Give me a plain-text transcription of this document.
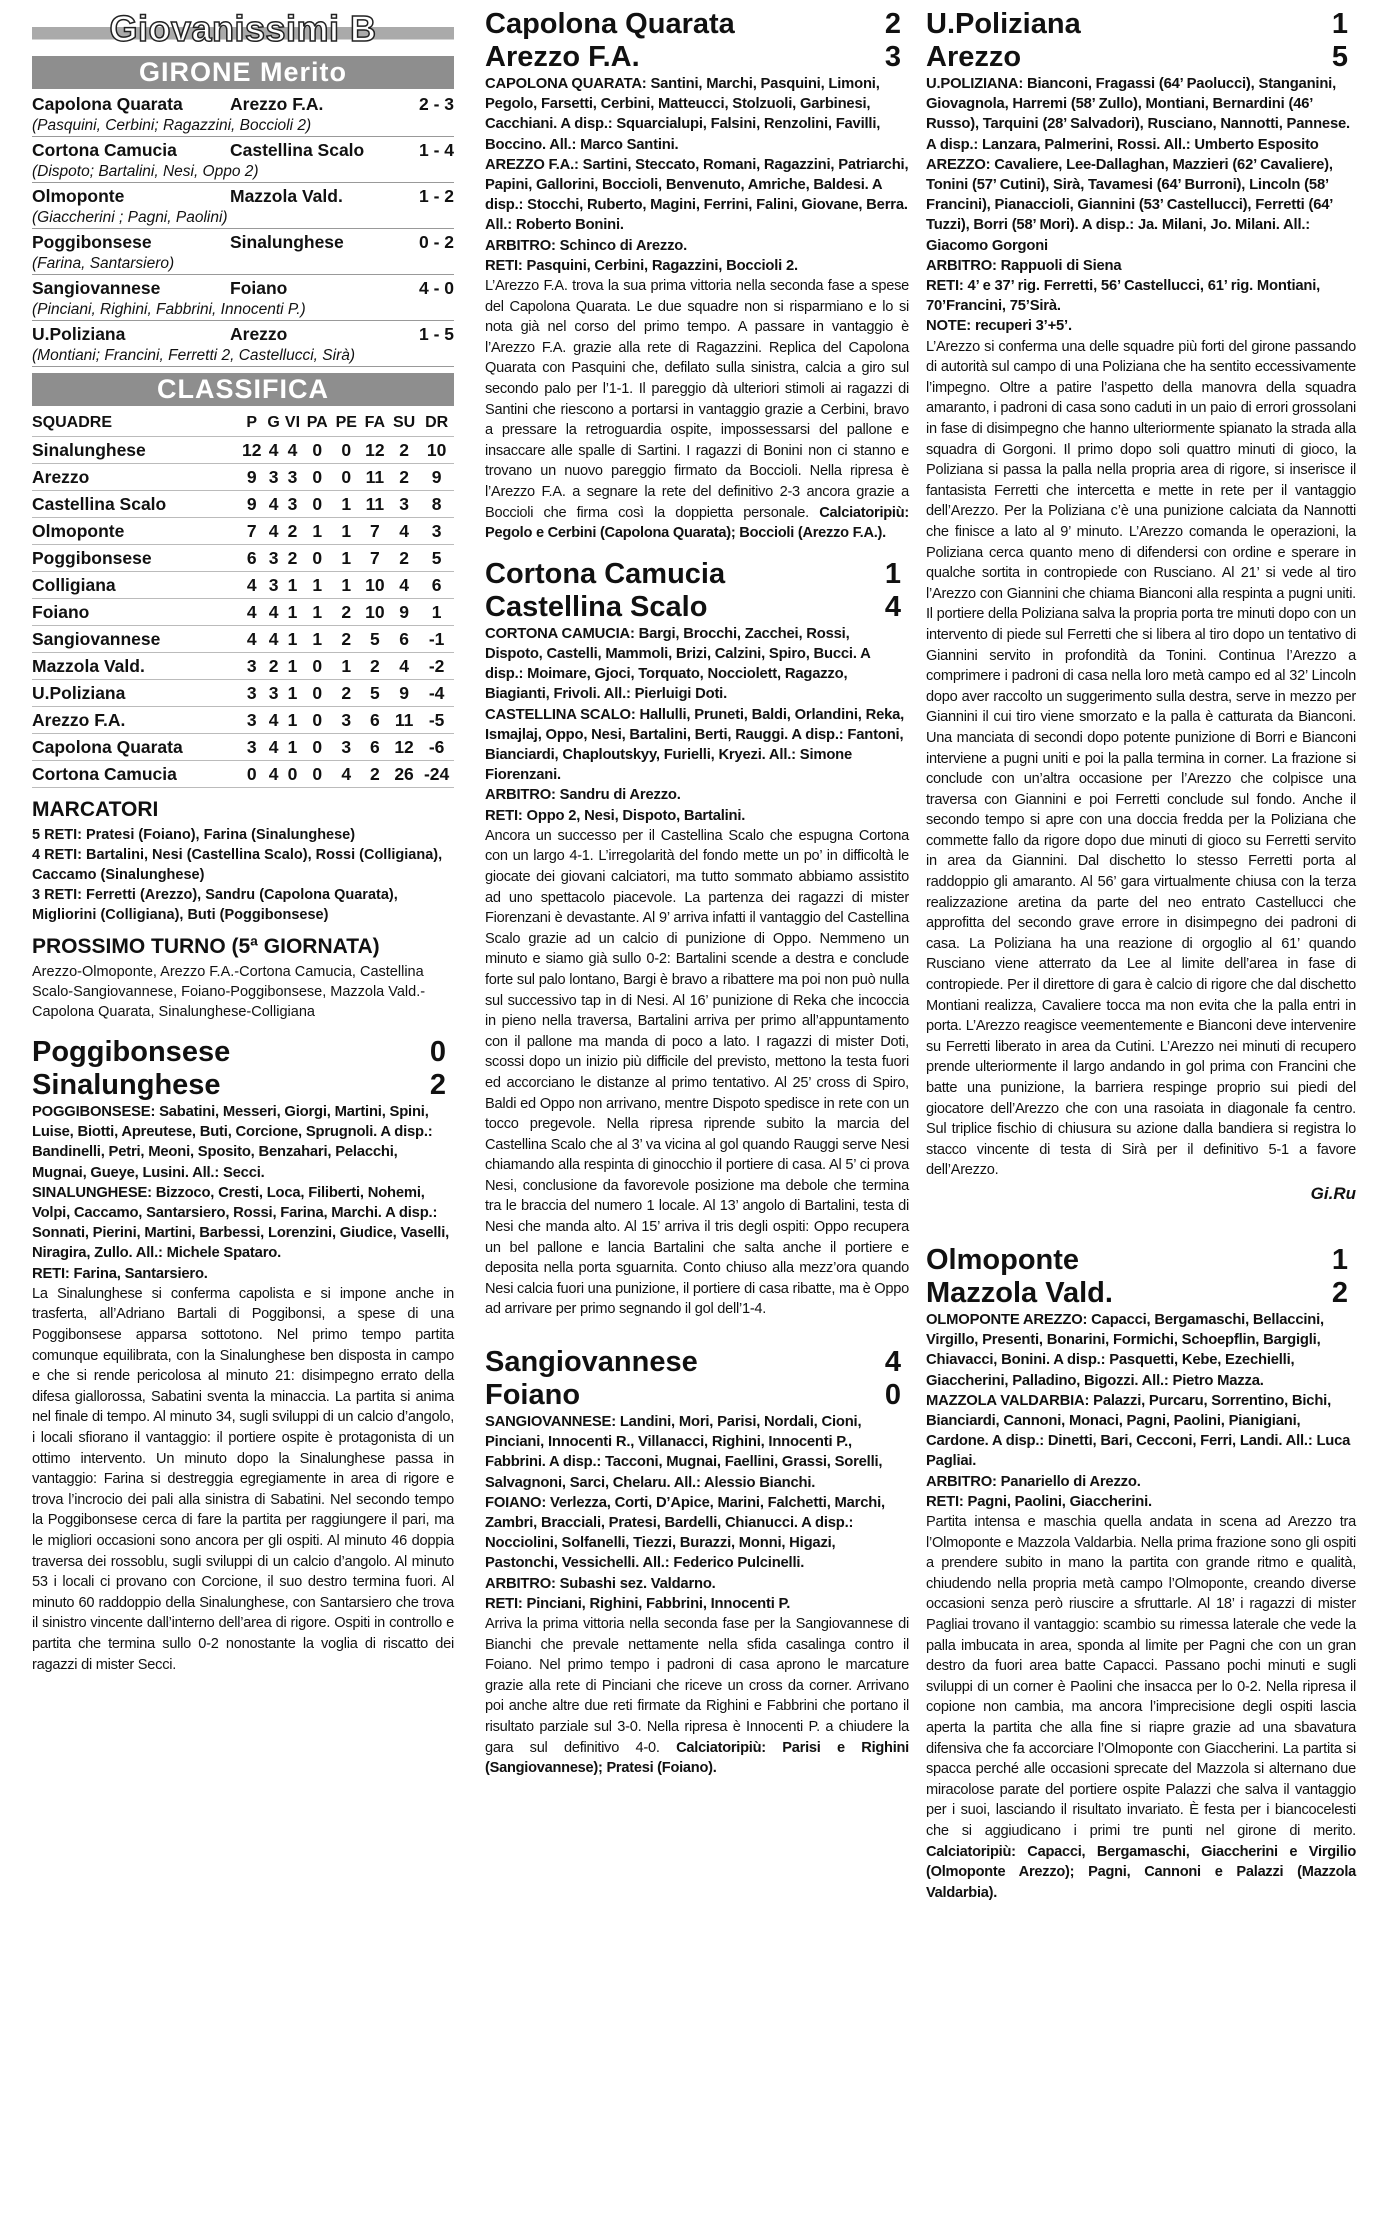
Giovanissimi B
GIRONE Merito
Capolona Quarata	Arezzo F.A.	2 - 3
(Pasquini, Cerbini; Ragazzini, Boccioli 2)
Cortona Camucia	Castellina Scalo	1 - 4
(Dispoto; Bartalini, Nesi, Oppo 2)
Olmoponte	Mazzola Vald.	1 - 2
(Giaccherini ; Pagni, Paolini)
Poggibonsese	Sinalunghese	0 - 2
(Farina, Santarsiero)
Sangiovannese	Foiano	4 - 0
(Pinciani, Righini, Fabbrini, Innocenti P.)
U.Poliziana	Arezzo	1 - 5
(Montiani; Francini, Ferretti 2, Castellucci, Sirà)
CLASSIFICA
SQUADRE	P	G	VI	PA	PE	FA	SU	DR
Sinalunghese	12	4	4	0	0	12	2	10
Arezzo	9	3	3	0	0	11	2	9
Castellina Scalo	9	4	3	0	1	11	3	8
Olmoponte	7	4	2	1	1	7	4	3
Poggibonsese	6	3	2	0	1	7	2	5
Colligiana	4	3	1	1	1	10	4	6
Foiano	4	4	1	1	2	10	9	1
Sangiovannese	4	4	1	1	2	5	6	-1
Mazzola Vald.	3	2	1	0	1	2	4	-2
U.Poliziana	3	3	1	0	2	5	9	-4
Arezzo F.A.	3	4	1	0	3	6	11	-5
Capolona Quarata	3	4	1	0	3	6	12	-6
Cortona Camucia	0	4	0	0	4	2	26	-24
MARCATORI
5 RETI: Pratesi (Foiano), Farina (Sinalunghese)
4 RETI: Bartalini, Nesi (Castellina Scalo), Rossi (Colligiana), Caccamo (Sinalunghese)
3 RETI: Ferretti (Arezzo), Sandru (Capolona Quarata), Migliorini (Colligiana), Buti (Poggibonsese)
PROSSIMO TURNO (5ª GIORNATA)
Arezzo-Olmoponte, Arezzo F.A.-Cortona Camucia, Castellina Scalo-Sangiovannese, Foiano-Poggibonsese, Mazzola Vald.-Capolona Quarata, Sinalunghese-Colligiana
Poggibonsese	0
Sinalunghese	2
POGGIBONSESE: Sabatini, Messeri, Giorgi, Martini, Spini, Luise, Biotti, Apreutese, Buti, Corcione, Sprugnoli. A disp.: Bandinelli, Petri, Meoni, Sposito, Benzahari, Pelacchi, Mugnai, Gueye, Lusini. All.: Secci.
SINALUNGHESE: Bizzoco, Cresti, Loca, Filiberti, Nohemi, Volpi, Caccamo, Santarsiero, Rossi, Farina, Marchi. A disp.: Sonnati, Pierini, Martini, Barbessi, Lorenzini, Giudice, Vaselli, Niragira, Zullo. All.: Michele Spataro.
RETI: Farina, Santarsiero.
La Sinalunghese si conferma capolista e si impone anche in trasferta, all’Adriano Bartali di Poggibonsi, a spese di una Poggibonsese apparsa sottotono. Nel primo tempo partita comunque equilibrata, con la Sinalunghese ben disposta in campo e che si rende pericolosa al minuto 21: disimpegno errato della difesa giallorossa, Sabatini sventa la minaccia. La partita si anima nel finale di tempo. Al minuto 34, sugli sviluppi di un calcio d’angolo, i locali sfiorano il vantaggio: il portiere ospite è protagonista di un ottimo intervento. Un minuto dopo la Sinalunghese passa in vantaggio: Farina si destreggia egregiamente in area di rigore e trova l’incrocio dei pali alla sinistra di Sabatini. Nel secondo tempo la Poggibonsese cerca di fare la partita per raggiungere il pari, ma le migliori occasioni sono ancora per gli ospiti. Al minuto 46 doppia traversa dei rossoblu, sugli sviluppi di un calcio d’angolo. Al minuto 53 i locali ci provano con Corcione, il suo destro termina fuori. Al minuto 60 raddoppio della Sinalunghese, con Santarsiero che trova il sinistro vincente dall’interno dell’area di rigore. Ospiti in controllo e partita che termina sullo 0-2 nonostante la voglia di riscatto dei ragazzi di mister Secci.
Capolona Quarata	2
Arezzo F.A.	3
CAPOLONA QUARATA: Santini, Marchi, Pasquini, Limoni, Pegolo, Farsetti, Cerbini, Matteucci, Stolzuoli, Garbinesi, Cacchiani. A disp.: Squarcialupi, Falsini, Renzolini, Favilli, Boccino. All.: Marco Santini.
AREZZO F.A.: Sartini, Steccato, Romani, Ragazzini, Patriarchi, Papini, Gallorini, Boccioli, Benvenuto, Amriche, Baldesi. A disp.: Stocchi, Ruberto, Magini, Ferrini, Falini, Giovane, Berra. All.: Roberto Bonini.
ARBITRO: Schinco di Arezzo.
RETI: Pasquini, Cerbini, Ragazzini, Boccioli 2.
L’Arezzo F.A. trova la sua prima vittoria nella seconda fase a spese del Capolona Quarata. Le due squadre non si risparmiano e lo si nota già nel corso del primo tempo. A passare in vantaggio è l’Arezzo F.A. grazie alla rete di Ragazzini. Replica del Capolona Quarata con Pasquini che, defilato sulla sinistra, calcia a giro sul secondo palo per l’1-1. Il pareggio dà ulteriori stimoli ai ragazzi di Santini che riescono a portarsi in vantaggio grazie a Cerbini, bravo a pressare la retroguardia ospite, impossessarsi del pallone e insaccare alle spalle di Sartini. I ragazzi di Bonini non ci stanno e trovano un nuovo pareggio firmato da Boccioli. Nella ripresa è l’Arezzo F.A. a segnare la rete del definitivo 2-3 ancora grazie a Boccioli che firma così la doppietta personale. Calciatoripiù: Pegolo e Cerbini (Capolona Quarata); Boccioli (Arezzo F.A.).
Cortona Camucia	1
Castellina Scalo	4
CORTONA CAMUCIA: Bargi, Brocchi, Zacchei, Rossi, Dispoto, Castelli, Mammoli, Brizi, Calzini, Spiro, Bucci. A disp.: Moimare, Gjoci, Torquato, Nocciolett, Ragazzo, Biagianti, Frivoli. All.: Pierluigi Doti.
CASTELLINA SCALO: Hallulli, Pruneti, Baldi, Orlandini, Reka, Ismajlaj, Oppo, Nesi, Bartalini, Berti, Rauggi. A disp.: Fantoni, Bianciardi, Chaploutskyy, Furielli, Kryezi. All.: Simone Fiorenzani.
ARBITRO: Sandru di Arezzo.
RETI: Oppo 2, Nesi, Dispoto, Bartalini.
Ancora un successo per il Castellina Scalo che espugna Cortona con un largo 4-1. L’irregolarità del fondo mette un po’ in difficoltà le giocate dei giovani calciatori, ma tutto sommato abbiamo assistito ad uno spettacolo piacevole. La partenza dei ragazzi di mister Fiorenzani è devastante. Al 9’ arriva infatti il vantaggio del Castellina Scalo grazie ad un calcio di punizione di Oppo. Nemmeno un minuto e siamo già sullo 0-2: Bartalini scende a destra e conclude forte sul palo lontano, Bargi è bravo a ribattere ma poi non può nulla sul successivo tap in di Nesi. Al 16’ punizione di Reka che incoccia in pieno nella traversa, Bartalini arriva per primo all’appuntamento con il pallone ma manda di poco a lato. I ragazzi di mister Doti, scossi dopo un inizio più difficile del previsto, mettono la testa fuori ed accorciano le distanze al primo tentativo. Al 25’ cross di Spiro, Baldi ed Oppo non arrivano, mentre Dispoto spedisce in rete con un tocco pregevole. Nella ripresa riprende subito la marcia del Castellina Scalo che al 3’ va vicina al gol quando Rauggi serve Nesi chiamando alla respinta di ginocchio il portiere di casa. Al 5’ ci prova Nesi, conclusione da favorevole posizione ma debole che termina tra le braccia del numero 1 locale. Al 13’ angolo di Bartalini, testa di Nesi che manda alto. Al 15’ arriva il tris degli ospiti: Oppo recupera un bel pallone e lancia Bartalini che salta anche il portiere e deposita nella porta sguarnita. Conto chiuso alla mezz’ora quando Nesi calcia fuori una punizione, il portiere di casa ribatte, ma è Oppo ad arrivare per primo segnando il gol dell’1-4.
Sangiovannese	4
Foiano	0
SANGIOVANNESE: Landini, Mori, Parisi, Nordali, Cioni, Pinciani, Innocenti R., Villanacci, Righini, Innocenti P., Fabbrini. A disp.: Tacconi, Mugnai, Faellini, Grassi, Sorelli, Salvagnoni, Sarci, Chelaru. All.: Alessio Bianchi.
FOIANO: Verlezza, Corti, D’Apice, Marini, Falchetti, Marchi, Zambri, Bracciali, Pratesi, Bardelli, Chianucci. A disp.: Nocciolini, Solfanelli, Tiezzi, Burazzi, Monni, Higazi, Pastonchi, Vessichelli. All.: Federico Pulcinelli.
ARBITRO: Subashi sez. Valdarno.
RETI: Pinciani, Righini, Fabbrini, Innocenti P.
Arriva la prima vittoria nella seconda fase per la Sangiovannese di Bianchi che prevale nettamente nella sfida casalinga contro il Foiano. Nel primo tempo i padroni di casa aprono le marcature grazie alla rete di Pinciani che riceve un cross da corner. Arrivano poi anche altre due reti firmate da Righini e Fabbrini che portano il risultato parziale sul 3-0. Nella ripresa è Innocenti P. a chiudere la gara sul definitivo 4-0. Calciatoripiù: Parisi e Righini (Sangiovannese); Pratesi (Foiano).
U.Poliziana	1
Arezzo	5
U.POLIZIANA: Bianconi, Fragassi (64’ Paolucci), Stanganini, Giovagnola, Harremi (58’ Zullo), Montiani, Bernardini (46’ Russo), Tarquini (28’ Salvadori), Rusciano, Nannotti, Pannese. A disp.: Lanzara, Palmerini, Rossi. All.: Umberto Esposito
AREZZO: Cavaliere, Lee-Dallaghan, Mazzieri (62’ Cavaliere), Tonini (57’ Cutini), Sirà, Tavamesi (64’ Burroni), Lincoln (58’ Francini), Pianaccioli, Giannini (53’ Castellucci), Ferretti (64’ Tuzzi), Borri (58’ Mori). A disp.: Ja. Milani, Jo. Milani. All.: Giacomo Gorgoni
ARBITRO: Rappuoli di Siena
RETI: 4’ e 37’ rig. Ferretti, 56’ Castellucci, 61’ rig. Montiani, 70’Francini, 75’Sirà.
NOTE: recuperi 3’+5’.
L’Arezzo si conferma una delle squadre più forti del girone passando di autorità sul campo di una Poliziana che ha sentito eccessivamente l’impegno. Oltre a patire l’aspetto della manovra della squadra amaranto, i padroni di casa sono caduti in un paio di errori grossolani in fase di disimpegno che hanno ulteriormente spianato la strada alla squadra di Gorgoni. Il primo dopo soli quattro minuti di gioco, la Poliziana si passa la palla nella propria area di rigore, si inserisce il fantasista Ferretti che intercetta e mette in rete per il vantaggio dell’Arezzo. Per la Poliziana c’è una punizione calciata da Nannotti che finisce a lato al 9’ minuto. L’Arezzo comanda le operazioni, la Poliziana cerca quanto meno di difendersi con ordine e sperare in qualche sortita in contropiede con Rusciano. Al 21’ si vede al tiro l’Arezzo con Giannini che chiama Bianconi alla respinta a pugni uniti. Il portiere della Poliziana salva la propria porta tre minuti dopo con un intervento di piede sul Ferretti che si libera al tiro dopo un tentativo di Giannini servito in profondità da Tonini. Continua l’Arezzo a comprimere i padroni di casa nella loro metà campo ed al 32’ Lincoln dopo aver raccolto un suggerimento sulla destra, serve in mezzo per Giannini il cui tiro viene smorzato e la palla è catturata da Bianconi. Una manciata di secondi dopo potente punizione di Borri e Bianconi interviene a pugni uniti e poi la palla termina in corner. La frazione si conclude con un’altra occasione per l’Arezzo che colpisce una traversa con Giannini e poi Ferretti conclude sul fondo. Anche il secondo tempo si apre con una doccia fredda per la Poliziana che commette fallo da rigore dopo due minuti di gioco su Ferretti servito in area da Giannini. Dal dischetto lo stesso Ferretti porta al raddoppio gli amaranto. Al 56’ gara virtualmente chiusa con la terza realizzazione aretina da parte del neo entrato Castellucci che approfitta del secondo grave errore in disimpegno dei padroni di casa. La Poliziana ha una reazione di orgoglio al 61’ quando Rusciano viene atterrato da Lee al limite dell’area in fase di contropiede. Per il direttore di gara è calcio di rigore che dal dischetto Montiani realizza, Cavaliere tocca ma non evita che la palla entri in porta. L’Arezzo reagisce veementemente e Bianconi deve intervenire su Ferretti liberato in area da Cutini. L’Arezzo nei minuti di recupero prende ulteriormente il largo andando in gol prima con Francini che batte una punizione, la barriera respinge proprio sui piedi del giocatore dell’Arezzo che con una rasoiata in diagonale fa centro. Sul triplice fischio di chiusura su azione dalla bandiera si registra lo stacco vincente di testa di Sirà per il definitivo 5-1 a favore dell’Arezzo.
Gi.Ru
Olmoponte	1
Mazzola Vald.	2
OLMOPONTE AREZZO: Capacci, Bergamaschi, Bellaccini, Virgillo, Presenti, Bonarini, Formichi, Schoepflin, Bargigli, Chiavacci, Bonini. A disp.: Pasquetti, Kebe, Ezechielli, Giaccherini, Palladino, Bigozzi. All.: Pietro Mazza.
MAZZOLA VALDARBIA: Palazzi, Purcaru, Sorrentino, Bichi, Bianciardi, Cannoni, Monaci, Pagni, Paolini, Pianigiani, Cardone. A disp.: Dinetti, Bari, Cecconi, Ferri, Landi. All.: Luca Pagliai.
ARBITRO: Panariello di Arezzo.
RETI: Pagni, Paolini, Giaccherini.
Partita intensa e maschia quella andata in scena ad Arezzo tra l’Olmoponte e Mazzola Valdarbia. Nella prima frazione sono gli ospiti a prendere subito in mano la partita con grande ritmo e qualità, chiudendo nella propria metà campo l’Olmoponte, creando diverse occasioni senza però riuscire a sfruttarle. Al 18’ i ragazzi di mister Pagliai trovano il vantaggio: scambio su rimessa laterale che vede la palla imbucata in area, sponda al limite per Pagni che con un gran destro da fuori area batte Capacci. Passano pochi minuti e sugli sviluppi di un corner è Paolini che insacca per lo 0-2. Nella ripresa il copione non cambia, ma ancora l’imprecisione degli ospiti lascia aperta la partita che alla fine si riapre grazie ad una sbavatura difensiva che fa accorciare l’Olmoponte con Giaccherini. La partita si spacca perché alle occasioni sprecate del Mazzola si alternano due miracolose parate del portiere ospite Palazzi che salva il vantaggio per i suoi, lasciando il risultato invariato. È festa per i biancocelesti che si aggiudicano i primi tre punti nel girone di merito. Calciatoripiù: Capacci, Bergamaschi, Giaccherini e Virgilio (Olmoponte Arezzo); Pagni, Cannoni e Palazzi (Mazzola Valdarbia).
